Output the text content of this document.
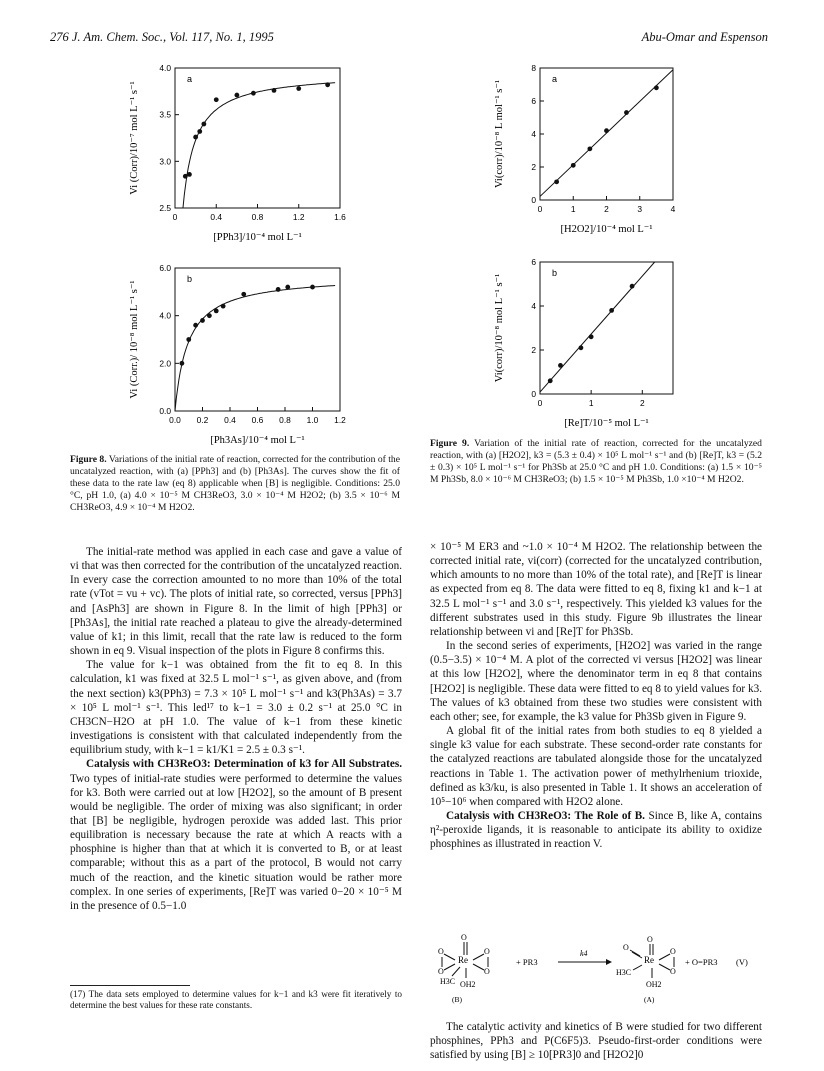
276 J. Am. Chem. Soc., Vol. 117, No. 1, 1995	Abu-Omar and Espenson
0	0.4	0.8	1.2	1.6
2.5
3.0
3.5
4.0
a
[PPh3]/10⁻⁴ mol L⁻¹
Vi (Corr)/10⁻⁷ mol L⁻¹ s⁻¹
0.0 0.2 0.4 0.6 0.8 1.0 1.2
0.0
2.0
4.0
6.0
b
[Ph3As]/10⁻⁴ mol L⁻¹
Vi (Corr.)/ 10⁻⁸ mol L⁻¹ s⁻¹
0	1	2	3	4
0
2
4
6
8
a
[H2O2]/10⁻⁴ mol L⁻¹
Vi(corr)/10⁻⁸ L mol⁻¹ s⁻¹
0	1	2
0
2
4
6
b
[Re]T/10⁻⁵ mol L⁻¹
Vi(corr)/10⁻⁸ mol L⁻¹ s⁻¹
Figure 8. Variations of the initial rate of reaction, corrected for the contribution of the uncatalyzed reaction, with (a) [PPh3] and (b) [Ph3As]. The curves show the fit of these data to the rate law (eq 8) applicable when [B] is negligible. Conditions: 25.0 °C, pH 1.0, (a) 4.0 × 10⁻⁵ M CH3ReO3, 3.0 × 10⁻⁴ M H2O2; (b) 3.5 × 10⁻⁶ M CH3ReO3, 4.9 × 10⁻⁴ M H2O2.
Figure 9. Variation of the initial rate of reaction, corrected for the uncatalyzed reaction, with (a) [H2O2], k3 = (5.3 ± 0.4) × 10⁵ L mol⁻¹ s⁻¹ and (b) [Re]T, k3 = (5.2 ± 0.3) × 10⁵ L mol⁻¹ s⁻¹ for Ph3Sb at 25.0 °C and pH 1.0. Conditions: (a) 1.5 × 10⁻⁵ M Ph3Sb, 8.0 × 10⁻⁶ M CH3ReO3; (b) 1.5 × 10⁻⁵ M Ph3Sb, 1.0 ×10⁻⁴ M H2O2.

The initial-rate method was applied in each case and gave a value of vi that was then corrected for the contribution of the uncatalyzed reaction. In every case the correction amounted to no more than 10% of the total rate (vTot = vu + vc). The plots of initial rate, so corrected, versus [PPh3] and [AsPh3] are shown in Figure 8. In the limit of high [PPh3] or [Ph3As], the initial rate reached a plateau to give the already-determined value of k1; in this limit, recall that the rate law is reduced to the form shown in eq 9. Visual inspection of the plots in Figure 8 confirms this.

The value for k−1 was obtained from the fit to eq 8. In this calculation, k1 was fixed at 32.5 L mol⁻¹ s⁻¹, as given above, and (from the next section) k3(PPh3) = 7.3 × 10⁵ L mol⁻¹ s⁻¹ and k3(Ph3As) = 3.7 × 10⁵ L mol⁻¹ s⁻¹. This led¹⁷ to k−1 = 3.0 ± 0.2 s⁻¹ at 25.0 °C in CH3CN−H2O at pH 1.0. The value of k−1 from these kinetic investigations is consistent with that calculated independently from the equilibrium study, with k−1 = k1/K1 = 2.5 ± 0.3 s⁻¹.

Catalysis with CH3ReO3: Determination of k3 for All Substrates. Two types of initial-rate studies were performed to determine the values for k3. Both were carried out at low [H2O2], so the amount of B present would be negligible. The order of mixing was also significant; in order that [B] be negligible, hydrogen peroxide was added last. This prior equilibration is necessary because the rate at which A reacts with a phosphine is higher than that at which it is converted to B, or at least comparable; without this as a part of the protocol, B would not carry much of the reaction, and the kinetic situation would be rather more complex. In one series of experiments, [Re]T was varied 0−20 × 10⁻⁵ M in the presence of 0.5−1.0

(17) The data sets employed to determine values for k−1 and k3 were fit iteratively to determine the best values for these rate constants.

× 10⁻⁵ M ER3 and ~1.0 × 10⁻⁴ M H2O2. The relationship between the corrected initial rate, vi(corr) (corrected for the uncatalyzed contribution, which amounts to no more than 10% of the total rate), and [Re]T is linear as expected from eq 8. The data were fitted to eq 8, fixing k1 and k−1 at 32.5 L mol⁻¹ s⁻¹ and 3.0 s⁻¹, respectively. This yielded k3 values for the different substrates used in this study. Figure 9b illustrates the linear relationship between vi and [Re]T for Ph3Sb.

In the second series of experiments, [H2O2] was varied in the range (0.5−3.5) × 10⁻⁴ M. A plot of the corrected vi versus [H2O2] was linear at this low [H2O2], where the denominator term in eq 8 that contains [H2O2] is negligible. These data were fitted to eq 8 to yield values for k3. The values of k3 obtained from these two studies were consistent with each other; see, for example, the k3 value for Ph3Sb given in Figure 9.

A global fit of the initial rates from both studies to eq 8 yielded a single k3 value for each substrate. These second-order rate constants for the catalyzed reactions are tabulated alongside those for the uncatalyzed reactions in Table 1. The activation power of methylrhenium trioxide, defined as k3/ku, is also presented in Table 1. It shows an acceleration of 10⁵−10⁶ when compared with H2O2 alone.

Catalysis with CH3ReO3: The Role of B. Since B, like A, contains η²-peroxide ligands, it is reasonable to anticipate its ability to oxidize phosphines as illustrated in reaction V.

Re
O
O
O
O
O
H3C OH2
(B)
+ PR3
k4
Re
O
O	O
O
H3C
OH2
(A)
+ O=PR3 (V)

The catalytic activity and kinetics of B were studied for two different phosphines, PPh3 and P(C6F5)3. Pseudo-first-order conditions were satisfied by using [B] ≥ 10[PR3]0 and [H2O2]0
